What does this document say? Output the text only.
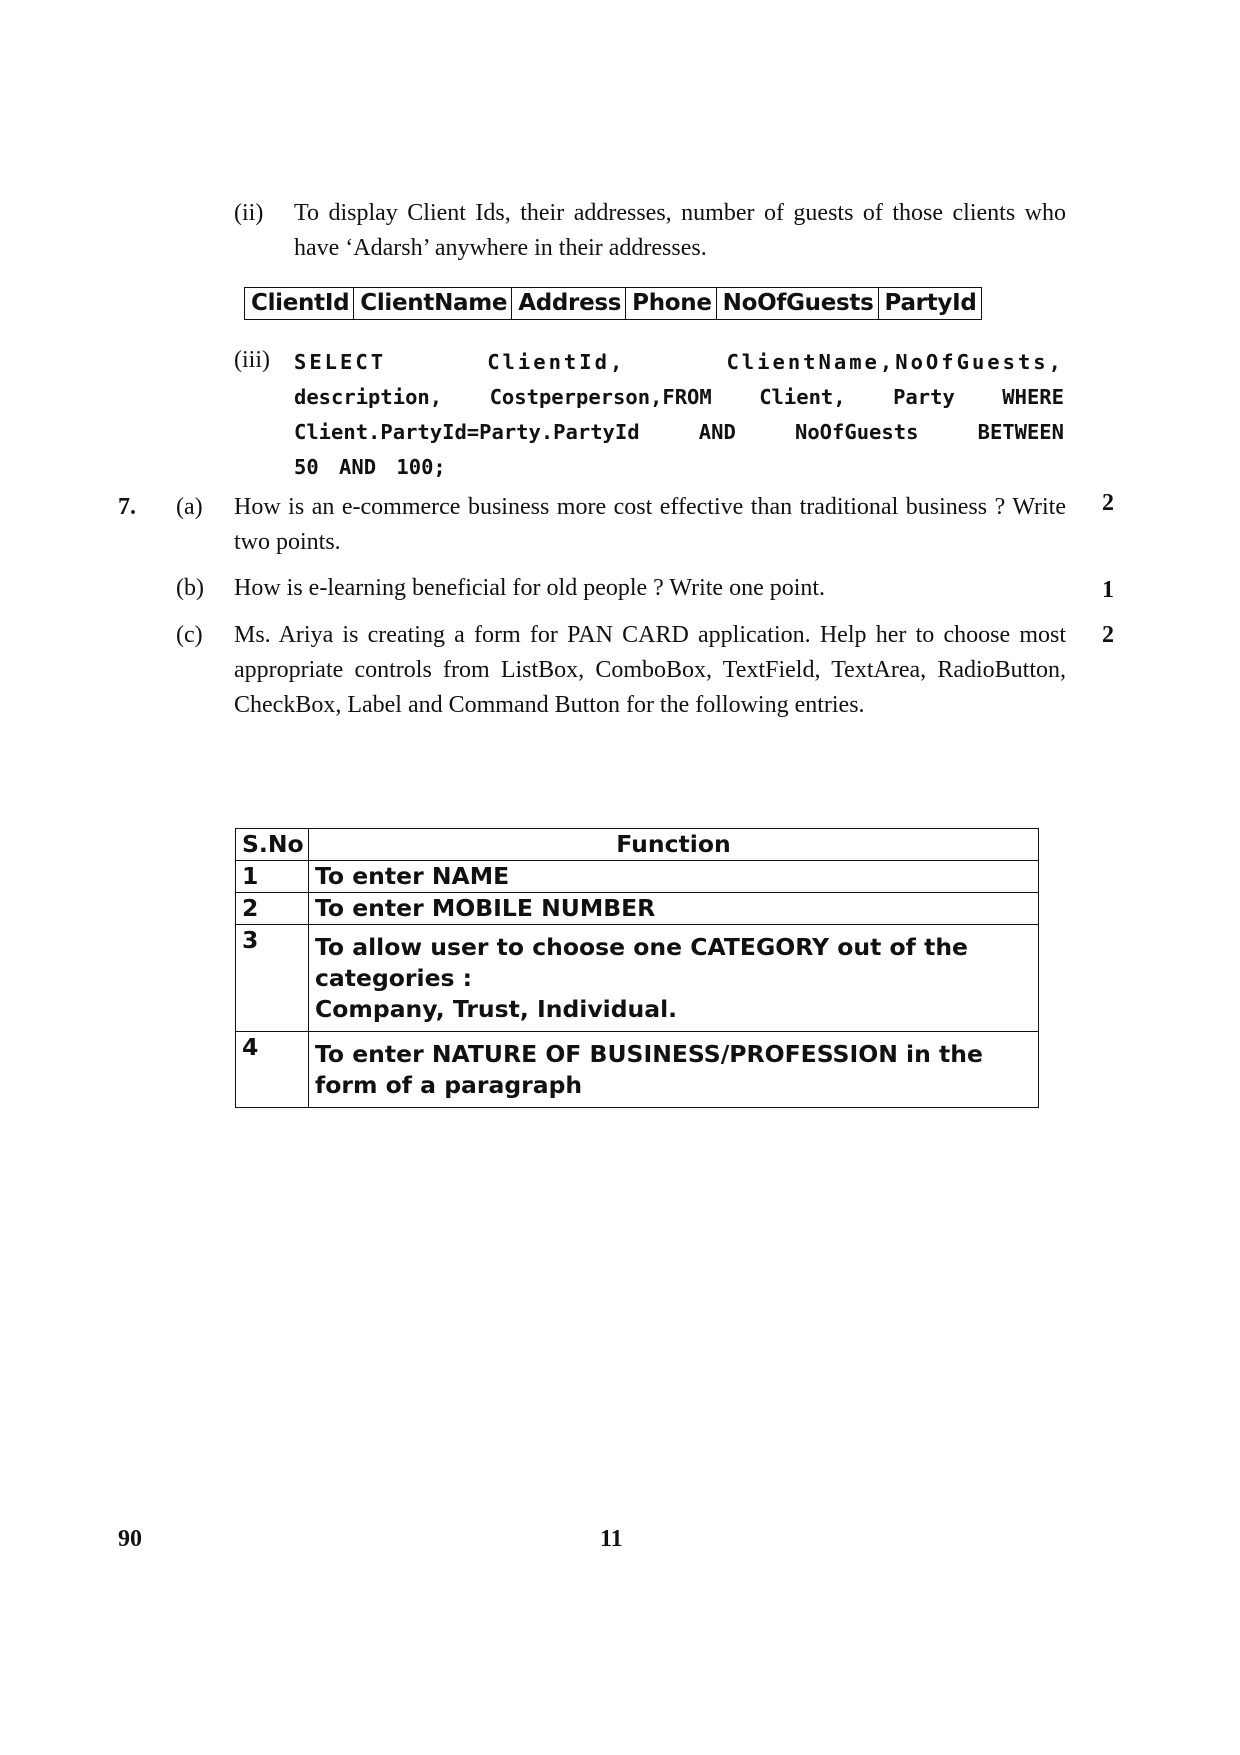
(ii) To display Client Ids, their addresses, number of guests of those clients who have ‘Adarsh’ anywhere in their addresses.
ClientId	ClientName	Address	Phone	NoOfGuests	PartyId
(iii) SELECT	ClientId,	ClientName,NoOfGuests,
description, Costperperson,FROM Client, Party WHERE
Client.PartyId=Party.PartyId AND NoOfGuests BETWEEN
50 AND 100;
7. (a) How is an e-commerce business more cost effective than traditional business ? Write two points.
2
(b) How is e-learning beneficial for old people ? Write one point.	1
(c) Ms. Ariya is creating a form for PAN CARD application. Help her to choose most appropriate controls from ListBox, ComboBox, TextField, TextArea, RadioButton, CheckBox, Label and Command Button for the following entries.
2
S.No	Function
1	To enter NAME

2	To enter MOBILE NUMBER

3	To allow user to choose one CATEGORY out of the
categories :
Company, Trust, Individual.

4	To enter NATURE OF BUSINESS/PROFESSION in the
form of a paragraph
90	11
